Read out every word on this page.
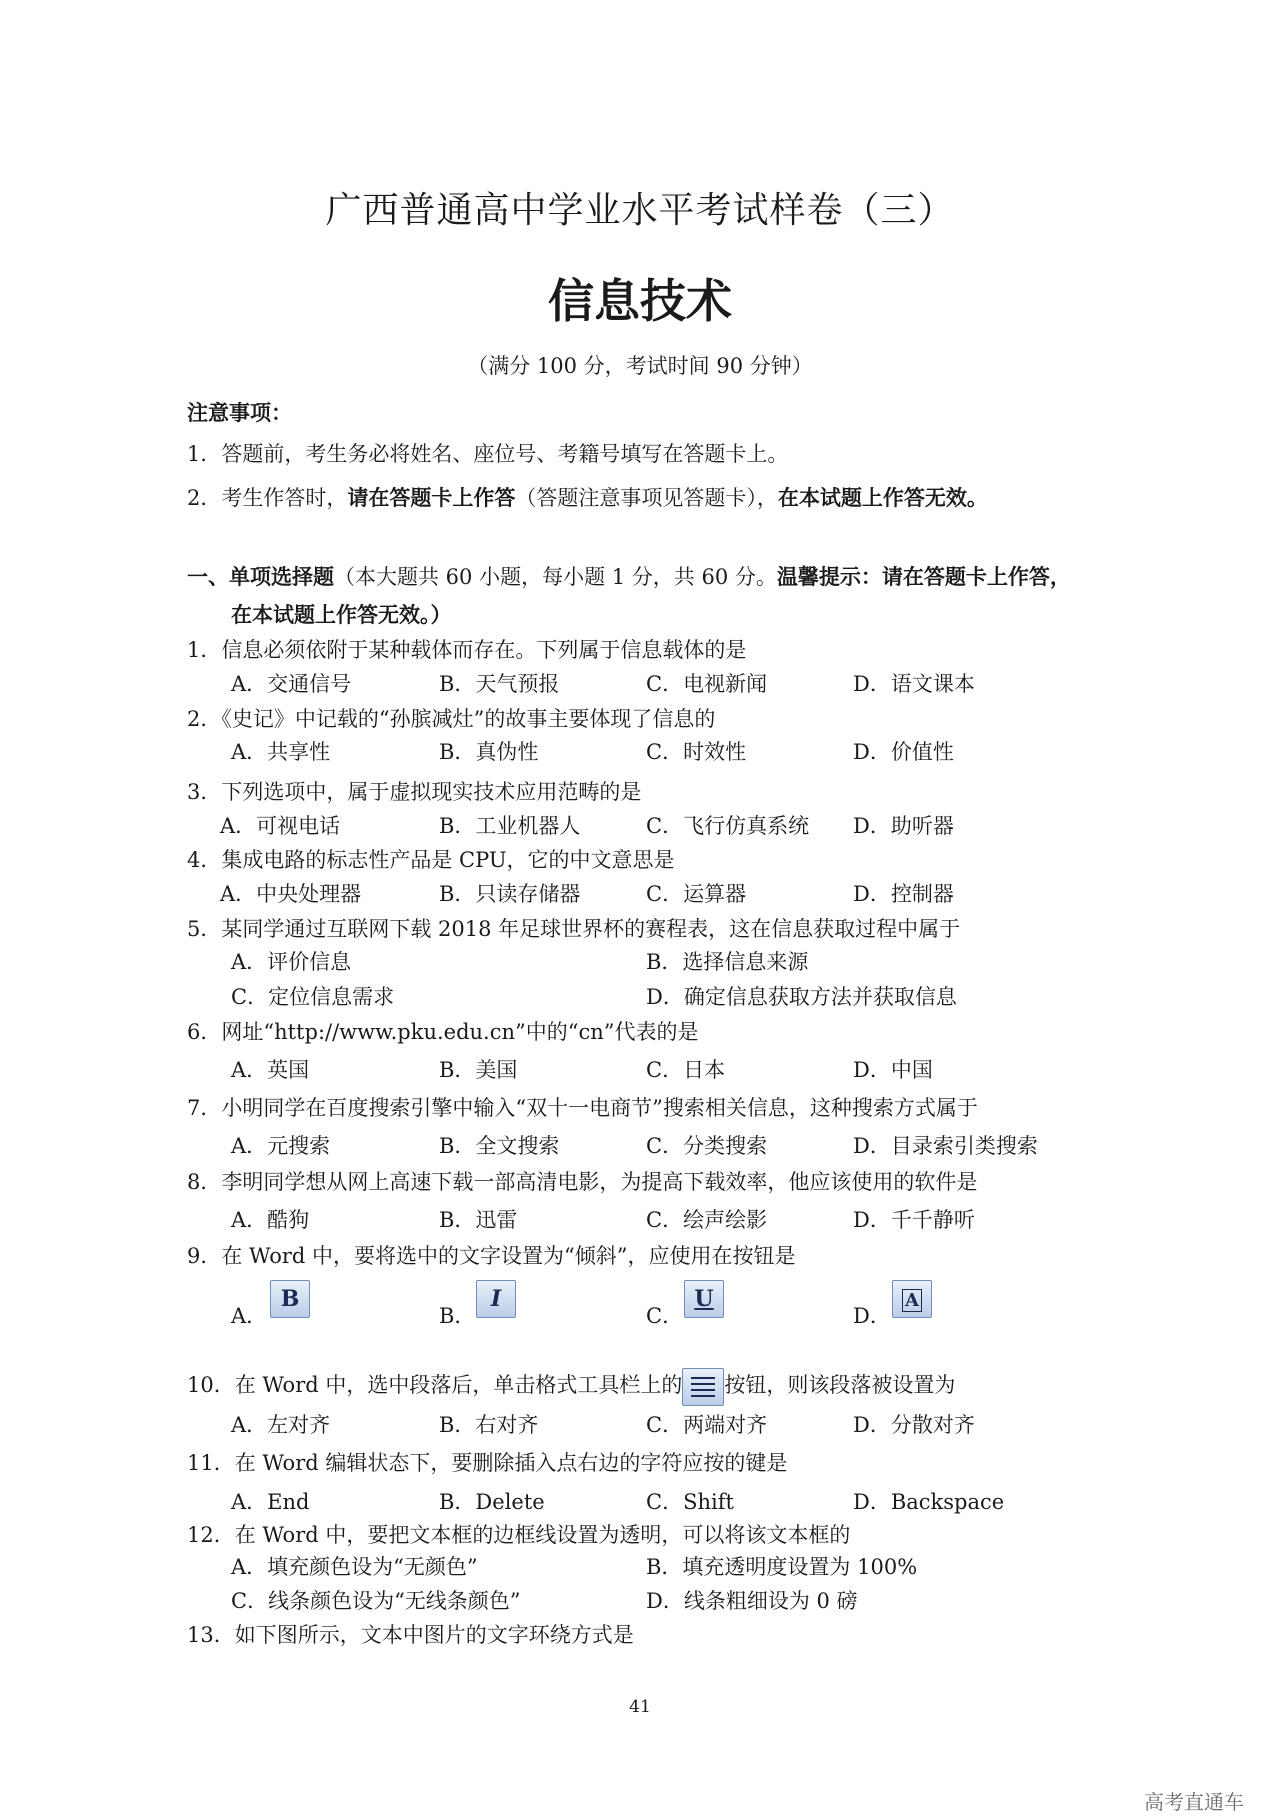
广西普通高中学业水平考试样卷（三）
信息技术
（满分 100 分，考试时间 90 分钟）
注意事项：
1．答题前，考生务必将姓名、座位号、考籍号填写在答题卡上。
2．考生作答时，请在答题卡上作答（答题注意事项见答题卡），在本试题上作答无效。
一、单项选择题（本大题共 60 小题，每小题 1 分，共 60 分。温馨提示：请在答题卡上作答，
在本试题上作答无效。）
1．信息必须依附于某种载体而存在。下列属于信息载体的是
A．交通信号	B．天气预报	C．电视新闻	D．语文课本
2．《史记》中记载的“孙膑减灶”的故事主要体现了信息的
A．共享性	B．真伪性	C．时效性	D．价值性
3．下列选项中，属于虚拟现实技术应用范畴的是
A．可视电话	B．工业机器人	C．飞行仿真系统 D．助听器
4．集成电路的标志性产品是 CPU，它的中文意思是
A．中央处理器	B．只读存储器	C．运算器	D．控制器
5．某同学通过互联网下载 2018 年足球世界杯的赛程表，这在信息获取过程中属于
A．评价信息	B．选择信息来源
C．定位信息需求	D．确定信息获取方法并获取信息
6．网址“http://www.pku.edu.cn”中的“cn”代表的是
A．英国	B．美国	C．日本	D．中国
7．小明同学在百度搜索引擎中输入“双十一电商节”搜索相关信息，这种搜索方式属于
A．元搜索	B．全文搜索	C．分类搜索	D．目录索引类搜索
8．李明同学想从网上高速下载一部高清电影，为提高下载效率，他应该使用的软件是
A．酷狗	B．迅雷	C．绘声绘影	D．千千静听
9．在 Word 中，要将选中的文字设置为“倾斜”，应使用在按钮是
A．
B
B．
I
C．
U
D．
A
10．在 Word 中，选中段落后，单击格式工具栏上的 按钮，则该段落被设置为
A．左对齐	B．右对齐	C．两端对齐	D．分散对齐
11．在 Word 编辑状态下，要删除插入点右边的字符应按的键是
A．End	B．Delete	C．Shift	D．Backspace
12．在 Word 中，要把文本框的边框线设置为透明，可以将该文本框的
A．填充颜色设为“无颜色”	B．填充透明度设置为 100%
C．线条颜色设为“无线条颜色”	D．线条粗细设为 0 磅
13．如下图所示，文本中图片的文字环绕方式是
41
高考直通车
